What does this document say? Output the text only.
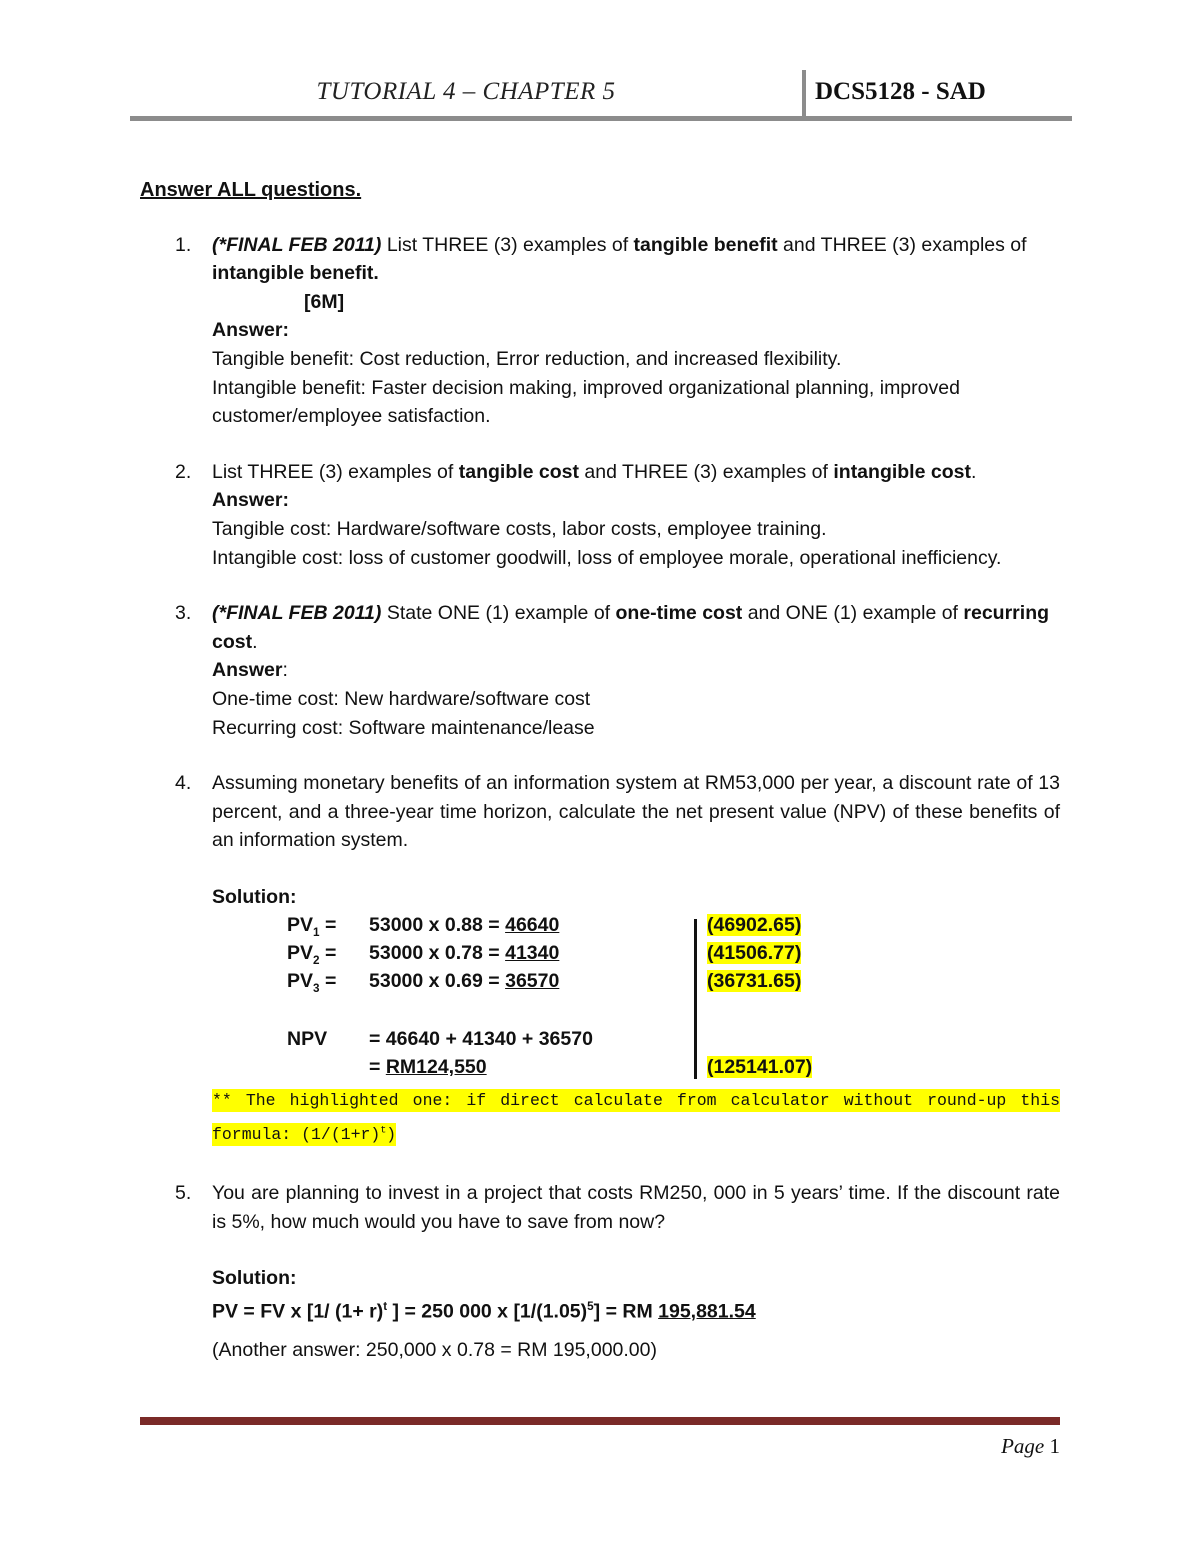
TUTORIAL 4 – CHAPTER 5	DCS5128 - SAD

Answer ALL questions.

1. (*FINAL FEB 2011) List THREE (3) examples of tangible benefit and THREE (3) examples of intangible benefit.

[6M]

Answer:

Tangible benefit: Cost reduction, Error reduction, and increased flexibility.

Intangible benefit: Faster decision making, improved organizational planning, improved customer/employee satisfaction.

2. List THREE (3) examples of tangible cost and THREE (3) examples of intangible cost.

Answer:

Tangible cost: Hardware/software costs, labor costs, employee training.

Intangible cost: loss of customer goodwill, loss of employee morale, operational inefficiency.

3. (*FINAL FEB 2011) State ONE (1) example of one-time cost and ONE (1) example of recurring cost.

Answer:

One-time cost: New hardware/software cost

Recurring cost: Software maintenance/lease

4. Assuming monetary benefits of an information system at RM53,000 per year, a discount rate of 13 percent, and a three-year time horizon, calculate the net present value (NPV) of these benefits of an information system.

Solution:

$PV_1 = 53000$ x 0.88 = 46640	(46902.65)
$PV_2 = 53000$ x 0.78 = 41340	(41506.77)
$PV_3 = 53000$ x 0.69 = 36570	(36731.65)
NPV = 46640 + 41340 + 36570
= RM124,550	(125141.07)

** The highlighted one: if direct calculate from calculator without round-up this formula: $(1/(1+r)^t)$

5. You are planning to invest in a project that costs RM250, 000 in 5 years’ time. If the discount rate is 5%, how much would you have to save from now?

Solution:

PV = FV x [1/ $(1+ r)^t$ ] = 250 000 x $[1/(1.05)^5]$ = RM 195,881.54

(Another answer: 250,000 x 0.78 = RM 195,000.00)

Page 1
